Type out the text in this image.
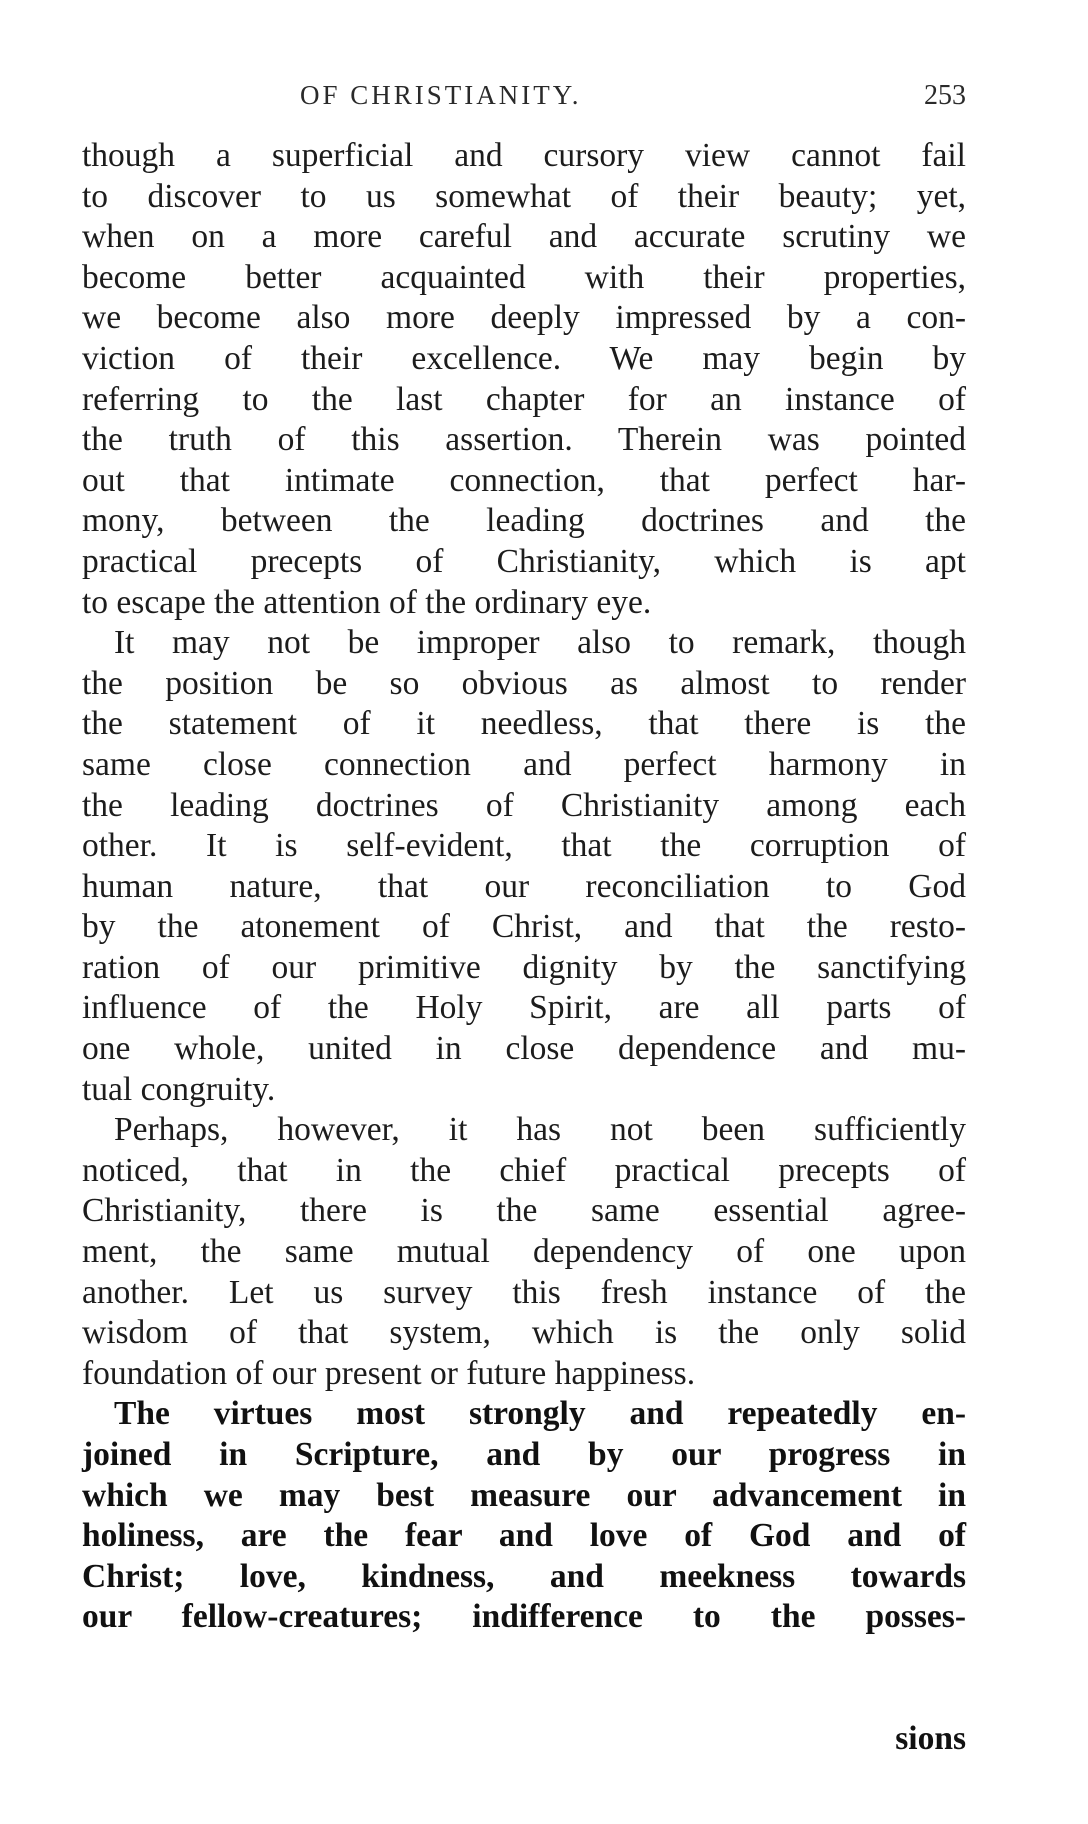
OF CHRISTIANITY.	253

though a superficial and cursory view cannot fail
to discover to us somewhat of their beauty; yet,
when on a more careful and accurate scrutiny we
become better acquainted with their properties,
we become also more deeply impressed by a con-
viction of their excellence. We may begin by
referring to the last chapter for an instance of
the truth of this assertion. Therein was pointed
out that intimate connection, that perfect har-
mony, between the leading doctrines and the
practical precepts of Christianity, which is apt
to escape the attention of the ordinary eye.

It may not be improper also to remark, though
the position be so obvious as almost to render
the statement of it needless, that there is the
same close connection and perfect harmony in
the leading doctrines of Christianity among each
other. It is self-evident, that the corruption of
human nature, that our reconciliation to God
by the atonement of Christ, and that the resto-
ration of our primitive dignity by the sanctifying
influence of the Holy Spirit, are all parts of
one whole, united in close dependence and mu-
tual congruity.

Perhaps, however, it has not been sufficiently
noticed, that in the chief practical precepts of
Christianity, there is the same essential agree-
ment, the same mutual dependency of one upon
another. Let us survey this fresh instance of the
wisdom of that system, which is the only solid
foundation of our present or future happiness.

The virtues most strongly and repeatedly en-
joined in Scripture, and by our progress in
which we may best measure our advancement in
holiness, are the fear and love of God and of
Christ; love, kindness, and meekness towards
our fellow-creatures; indifference to the posses-

sions
